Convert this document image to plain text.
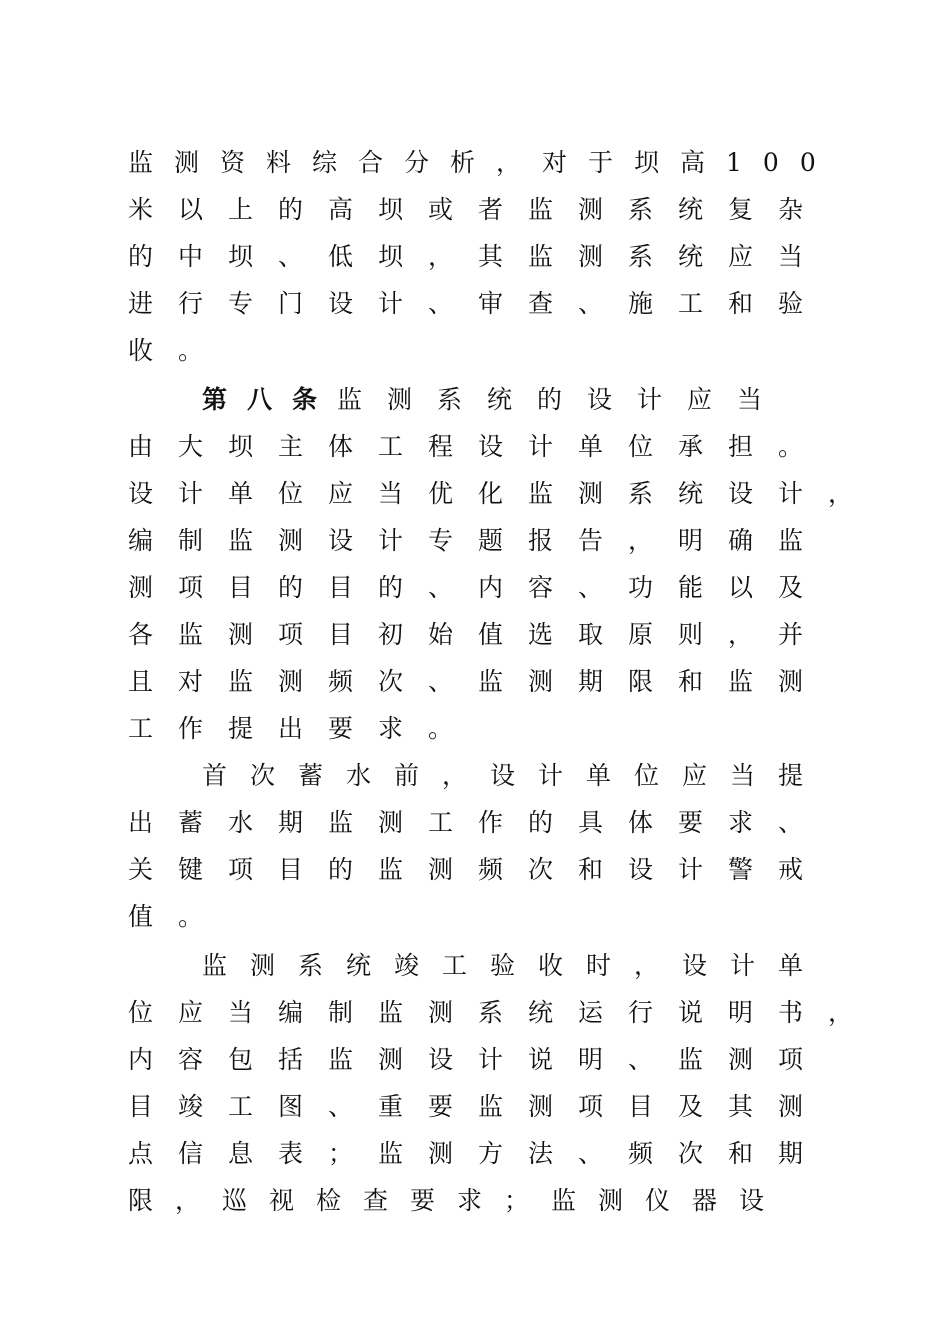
监测资料综合分析，对于坝高100
米以上的高坝或者监测系统复杂
的中坝、低坝，其监测系统应当
进行专门设计、审查、施工和验
收。
第八条监测系统的设计应当
由大坝主体工程设计单位承担。
设计单位应当优化监测系统设计，
编制监测设计专题报告，明确监
测项目的目的、内容、功能以及
各监测项目初始值选取原则，并
且对监测频次、监测期限和监测
工作提出要求。
首次蓄水前，设计单位应当提
出蓄水期监测工作的具体要求、
关键项目的监测频次和设计警戒
值。
监测系统竣工验收时，设计单
位应当编制监测系统运行说明书，
内容包括监测设计说明、监测项
目竣工图、重要监测项目及其测
点信息表；监测方法、频次和期
限，巡视检查要求；监测仪器设
